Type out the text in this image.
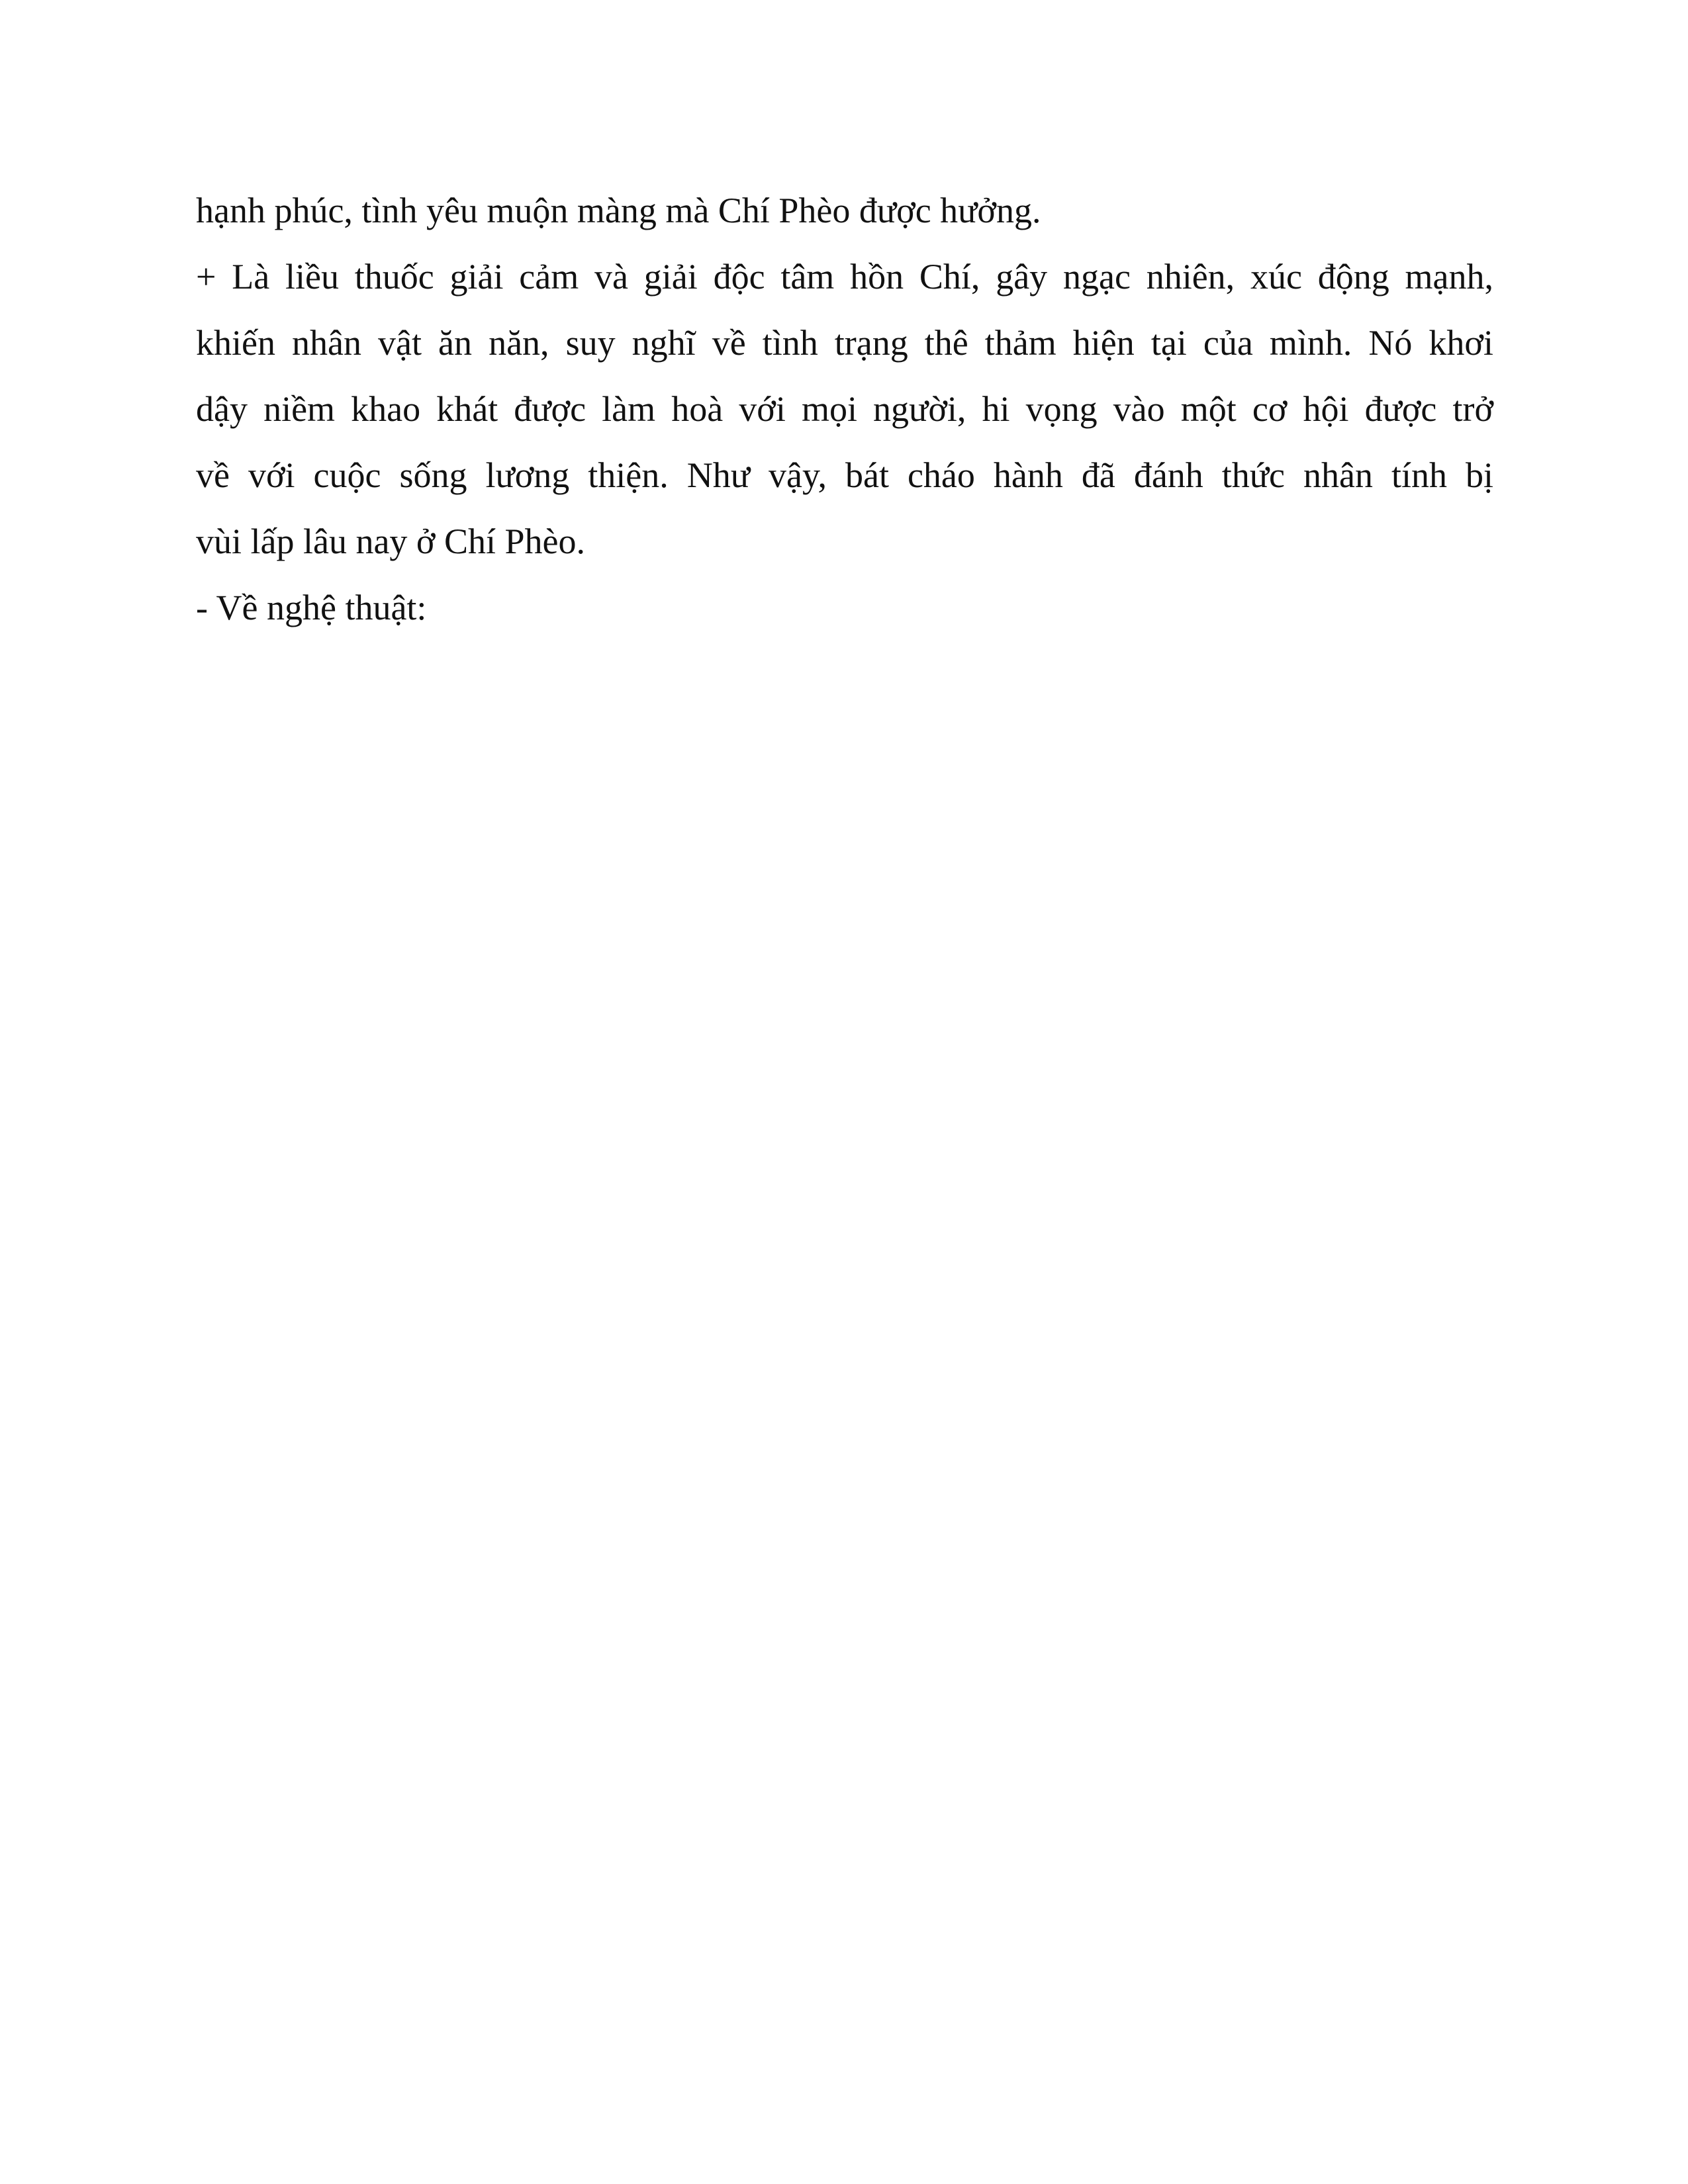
hạnh phúc, tình yêu muộn màng mà Chí Phèo được hưởng.
+ Là liều thuốc giải cảm và giải độc tâm hồn Chí, gây ngạc nhiên, xúc động mạnh,
khiến nhân vật ăn năn, suy nghĩ về tình trạng thê thảm hiện tại của mình. Nó khơi
dậy niềm khao khát được làm hoà với mọi người, hi vọng vào một cơ hội được trở
về với cuộc sống lương thiện. Như vậy, bát cháo hành đã đánh thức nhân tính bị
vùi lấp lâu nay ở Chí Phèo.
- Về nghệ thuật:
